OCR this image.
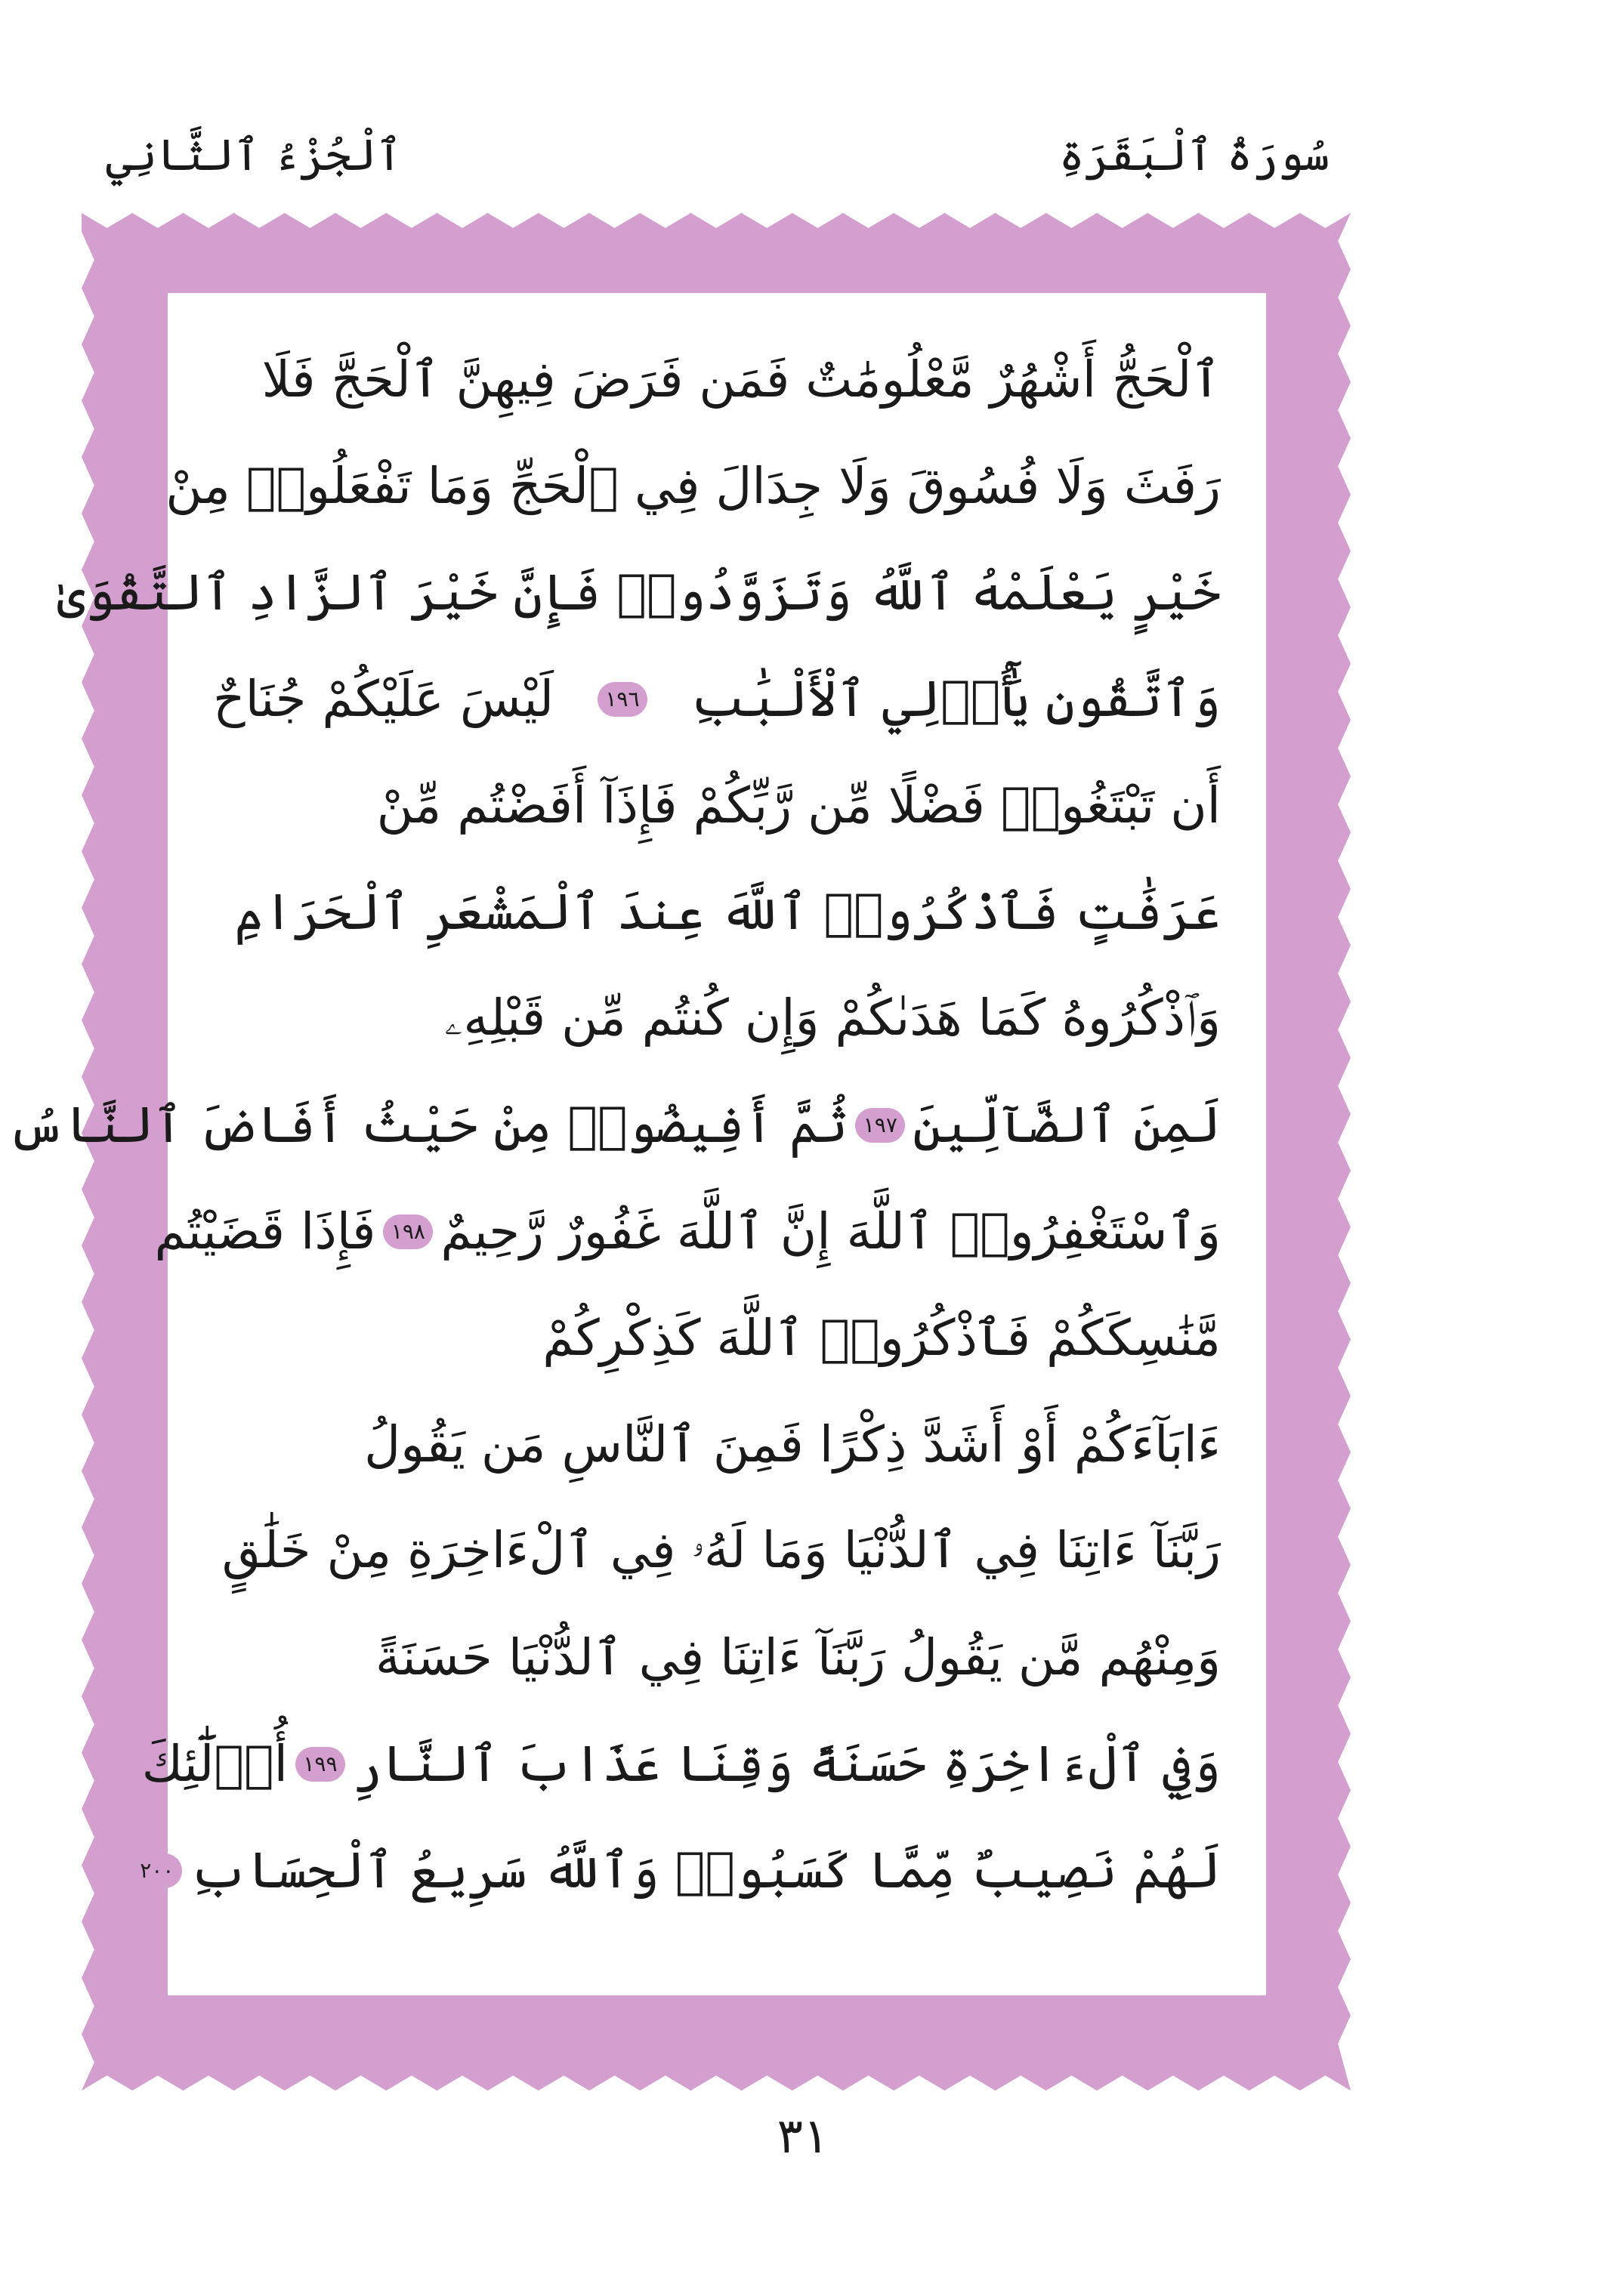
سُورَةُ ٱلْبَقَرَةِ
ٱلْجُزْءُ ٱلثَّانِي
ٱلْحَجُّ أَشْهُرٌ مَّعْلُومَٰتٌ فَمَن فَرَضَ فِيهِنَّ ٱلْحَجَّ فَلَا
رَفَثَ وَلَا فُسُوقَ وَلَا جِدَالَ فِي ٱلْحَجِّ وَمَا تَفْعَلُوا۟ مِنْ
خَيْرٍ يَعْلَمْهُ ٱللَّهُ وَتَزَوَّدُوا۟ فَإِنَّ خَيْرَ ٱلزَّادِ ٱلتَّقْوَىٰ
وَٱتَّقُونِ يَٰٓأُو۟لِي ٱلْأَلْبَٰبِ
١٩٦
لَيْسَ عَلَيْكُمْ جُنَاحٌ
أَن تَبْتَغُوا۟ فَضْلًا مِّن رَّبِّكُمْ فَإِذَآ أَفَضْتُم مِّنْ
عَرَفَٰتٍ فَٱذْكُرُوا۟ ٱللَّهَ عِندَ ٱلْمَشْعَرِ ٱلْحَرَامِ
وَٱذْكُرُوهُ كَمَا هَدَىٰكُمْ وَإِن كُنتُم مِّن قَبْلِهِۦ
لَمِنَ ٱلضَّآلِّينَ
١٩٧
ثُمَّ أَفِيضُوا۟ مِنْ حَيْثُ أَفَاضَ ٱلنَّاسُ
وَٱسْتَغْفِرُوا۟ ٱللَّهَ إِنَّ ٱللَّهَ غَفُورٌ رَّحِيمٌ
١٩٨
فَإِذَا قَضَيْتُم
مَّنَٰسِكَكُمْ فَٱذْكُرُوا۟ ٱللَّهَ كَذِكْرِكُمْ
ءَابَآءَكُمْ أَوْ أَشَدَّ ذِكْرًا فَمِنَ ٱلنَّاسِ مَن يَقُولُ
رَبَّنَآ ءَاتِنَا فِي ٱلدُّنْيَا وَمَا لَهُۥ فِي ٱلْءَاخِرَةِ مِنْ خَلَٰقٍ
وَمِنْهُم مَّن يَقُولُ رَبَّنَآ ءَاتِنَا فِي ٱلدُّنْيَا حَسَنَةً
وَفِي ٱلْءَاخِرَةِ حَسَنَةً وَقِنَا عَذَابَ ٱلنَّارِ
١٩٩
أُو۟لَٰٓئِكَ
لَهُمْ نَصِيبٌ مِّمَّا كَسَبُوا۟ وَٱللَّهُ سَرِيعُ ٱلْحِسَابِ
٢٠٠
٣١
